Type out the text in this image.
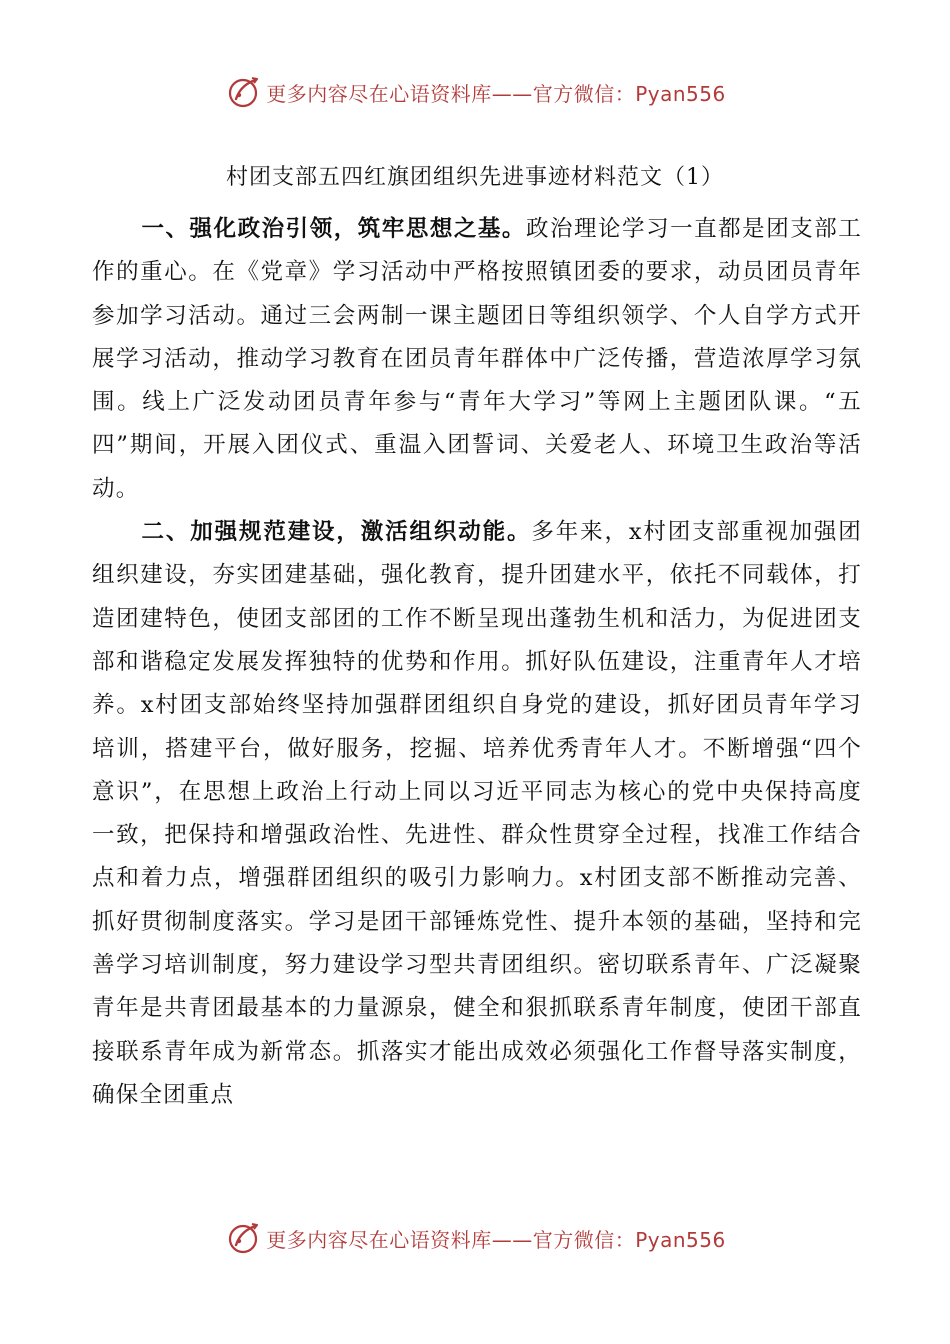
更多内容尽在心语资料库——官方微信：Pyan556
村团支部五四红旗团组织先进事迹材料范文（1）

一、强化政治引领，筑牢思想之基。政治理论学习一直都是团支部工作的重心。在《党章》学习活动中严格按照镇团委的要求，动员团员青年参加学习活动。通过三会两制一课主题团日等组织领学、个人自学方式开展学习活动，推动学习教育在团员青年群体中广泛传播，营造浓厚学习氛围。线上广泛发动团员青年参与“青年大学习”等网上主题团队课。“五四”期间，开展入团仪式、重温入团誓词、关爱老人、环境卫生政治等活动。

二、加强规范建设，激活组织动能。多年来，x村团支部重视加强团组织建设，夯实团建基础，强化教育，提升团建水平，依托不同载体，打造团建特色，使团支部团的工作不断呈现出蓬勃生机和活力，为促进团支部和谐稳定发展发挥独特的优势和作用。抓好队伍建设，注重青年人才培养。x村团支部始终坚持加强群团组织自身党的建设，抓好团员青年学习培训，搭建平台，做好服务，挖掘、培养优秀青年人才。不断增强“四个意识”，在思想上政治上行动上同以习近平同志为核心的党中央保持高度一致，把保持和增强政治性、先进性、群众性贯穿全过程，找准工作结合点和着力点，增强群团组织的吸引力影响力。x村团支部不断推动完善、抓好贯彻制度落实。学习是团干部锤炼党性、提升本领的基础，坚持和完善学习培训制度，努力建设学习型共青团组织。密切联系青年、广泛凝聚青年是共青团最基本的力量源泉，健全和狠抓联系青年制度，使团干部直接联系青年成为新常态。抓落实才能出成效必须强化工作督导落实制度，确保全团重点

更多内容尽在心语资料库——官方微信：Pyan556
